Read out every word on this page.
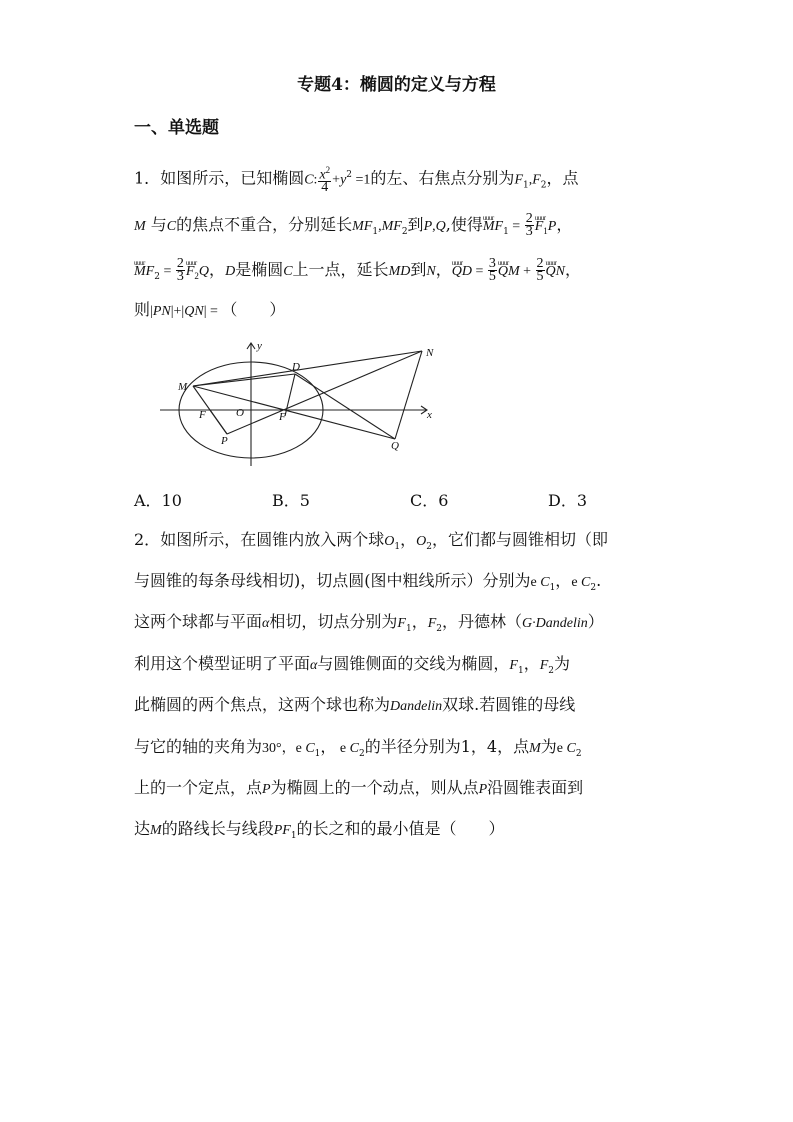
专题4：椭圆的定义与方程
一、单选题
1．如图所示，已知椭圆C: $\frac{x^2}{4} +y^2 =1$的左、右焦点分别为$F_1,F_2$，点
M 与C的焦点不重合，分别延长$MF_1,MF_2$到P,Q,使得uuur $MF_1 = \frac{2}{3}$ uuur $F_1P$，
uuur $MF_2 = \frac{2}{3}$ uuur $F_2Q$，D是椭圆C上一点，延长MD到N，uuur QD = $\frac{3}{5}$ uuur QM + $\frac{2}{5}$ uuur QN，
则|PN|+|QN| = （　　）
y
x
M
D
N
F	O	F
P	Q
A．10	B．5	C．6	D．3
2．如图所示，在圆锥内放入两个球$O_1$，$O_2$，它们都与圆锥相切（即
与圆锥的每条母线相切)，切点圆(图中粗线所示）分别为e $C_1$，e $C_2$.
这两个球都与平面α相切，切点分别为$F_1$，$F_2$，丹德林（G·Dandelin）
利用这个模型证明了平面α与圆锥侧面的交线为椭圆，$F_1$，$F_2$为
此椭圆的两个焦点，这两个球也称为Dandelin双球.若圆锥的母线
与它的轴的夹角为30°，e $C_1$， e $C_2$的半径分别为1，4，点M为e $C_2$
上的一个定点，点P为椭圆上的一个动点，则从点P沿圆锥表面到
达M的路线长与线段$PF_1$的长之和的最小值是（　　）
